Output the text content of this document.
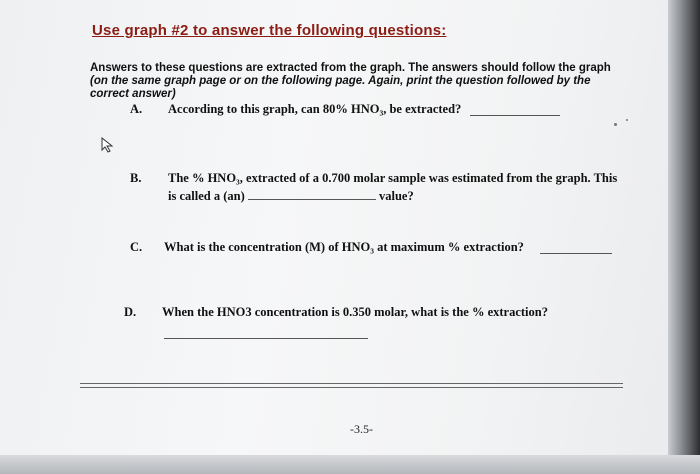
Use graph #2 to answer the following questions:
Answers to these questions are extracted from the graph. The answers should follow the graph (on the same graph page or on the following page. Again, print the question followed by the correct answer)
A. According to this graph, can 80% HNO₃, be extracted?
B. The % HNO₃, extracted of a 0.700 molar sample was estimated from the graph. This
is called a (an)	value?
C. What is the concentration (M) of HNO₃ at maximum % extraction?
D. When the HNO3 concentration is 0.350 molar, what is the % extraction?
-3.5-
